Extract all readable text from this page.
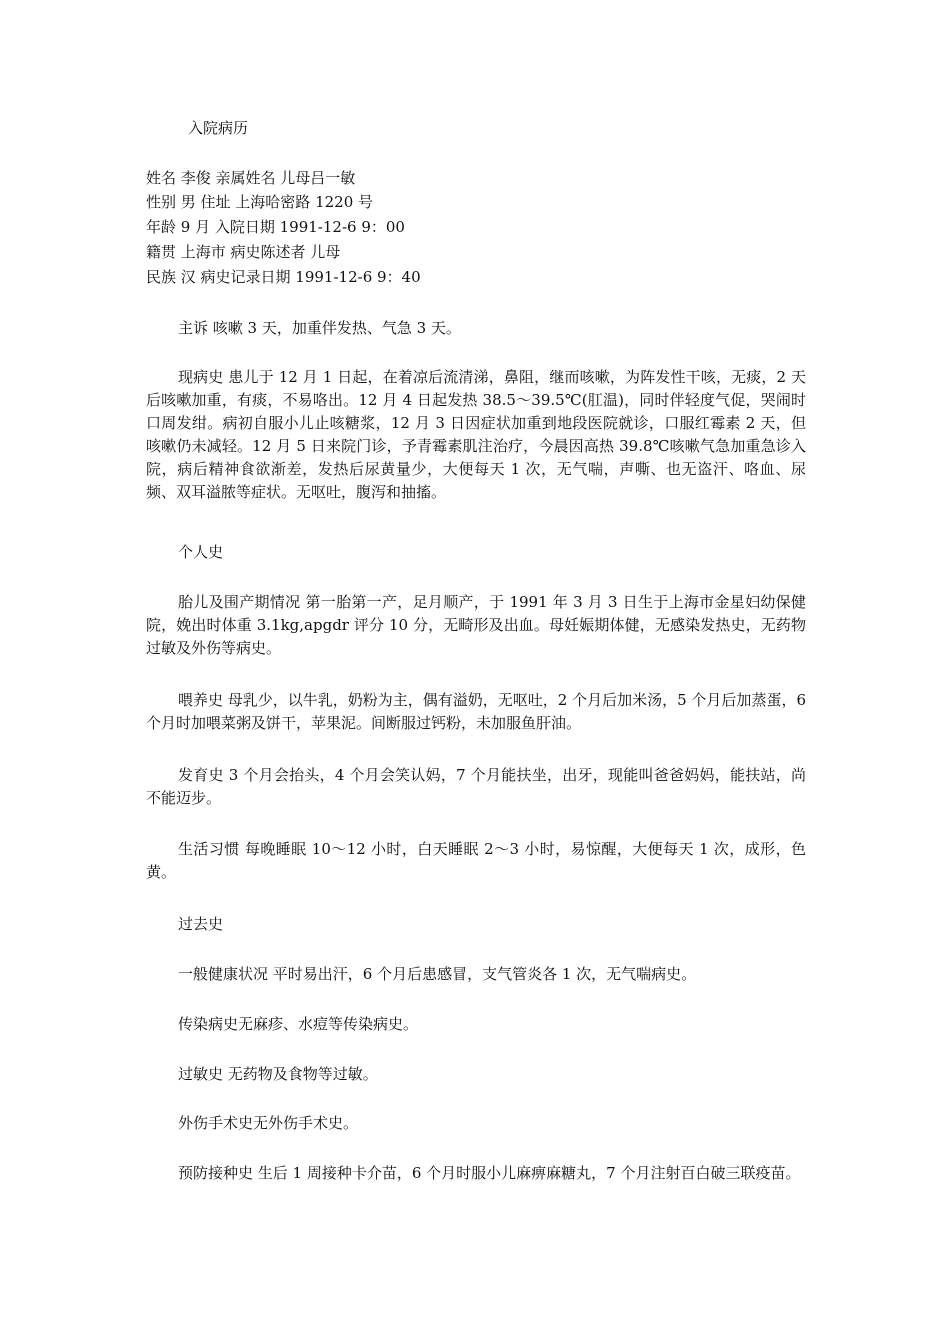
入院病历
姓名 李俊 亲属姓名 儿母吕一敏
性别 男 住址 上海哈密路 1220 号
年龄 9 月 入院日期 1991-12-6 9：00
籍贯 上海市 病史陈述者 儿母
民族 汉 病史记录日期 1991-12-6 9：40
主诉 咳嗽 3 天，加重伴发热、气急 3 天。
现病史 患儿于 12 月 1 日起，在着凉后流清涕，鼻阻，继而咳嗽，为阵发性干咳，无痰，2 天后咳嗽加重，有痰，不易咯出。12 月 4 日起发热 38.5～39.5℃(肛温)，同时伴轻度气促，哭闹时口周发绀。病初自服小儿止咳糖浆，12 月 3 日因症状加重到地段医院就诊，口服红霉素 2 天，但咳嗽仍未减轻。12 月 5 日来院门诊，予青霉素肌注治疗，今晨因高热 39.8℃咳嗽气急加重急诊入院，病后精神食欲渐差，发热后尿黄量少，大便每天 1 次，无气喘，声嘶、也无盗汗、咯血、尿频、双耳溢脓等症状。无呕吐，腹泻和抽搐。
个人史
胎儿及围产期情况 第一胎第一产，足月顺产，于 1991 年 3 月 3 日生于上海市金星妇幼保健院，娩出时体重 3.1kg,apgdr 评分 10 分，无畸形及出血。母妊娠期体健，无感染发热史，无药物过敏及外伤等病史。
喂养史 母乳少，以牛乳，奶粉为主，偶有溢奶，无呕吐，2 个月后加米汤，5 个月后加蒸蛋，6 个月时加喂菜粥及饼干，苹果泥。间断服过钙粉，未加服鱼肝油。
发育史 3 个月会抬头，4 个月会笑认妈，7 个月能扶坐，出牙，现能叫爸爸妈妈，能扶站，尚不能迈步。
生活习惯 每晚睡眠 10～12 小时，白天睡眠 2～3 小时，易惊醒，大便每天 1 次，成形，色黄。
过去史
一般健康状况 平时易出汗，6 个月后患感冒，支气管炎各 1 次，无气喘病史。
传染病史无麻疹、水痘等传染病史。
过敏史 无药物及食物等过敏。
外伤手术史无外伤手术史。
预防接种史 生后 1 周接种卡介苗，6 个月时服小儿麻痹麻糖丸，7 个月注射百白破三联疫苗。
